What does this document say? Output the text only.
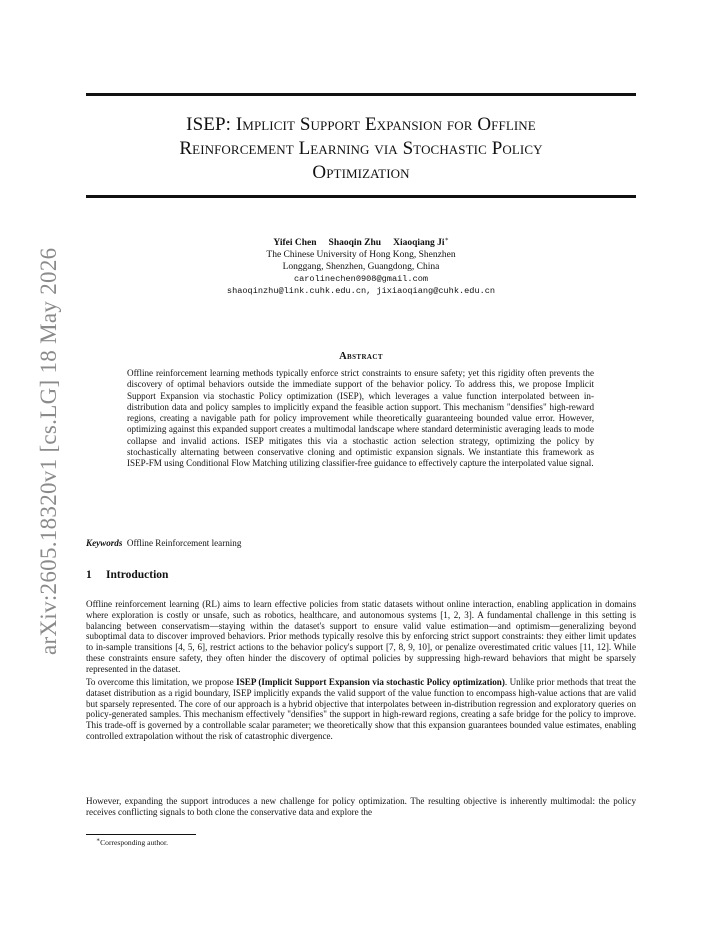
arXiv:2605.18320v1 [cs.LG] 18 May 2026
ISEP: Implicit Support Expansion for Offline
Reinforcement Learning via Stochastic Policy
Optimization
Yifei Chen Shaoqin Zhu Xiaoqiang Ji∗
The Chinese University of Hong Kong, Shenzhen
Longgang, Shenzhen, Guangdong, China
carolinechen0908@gmail.com
shaoqinzhu@link.cuhk.edu.cn, jixiaoqiang@cuhk.edu.cn
Abstract
Offline reinforcement learning methods typically enforce strict constraints to ensure safety; yet this rigidity often prevents the discovery of optimal behaviors outside the immediate support of the behavior policy. To address this, we propose Implicit Support Expansion via stochastic Policy optimization (ISEP), which leverages a value function interpolated between in-distribution data and policy samples to implicitly expand the feasible action support. This mechanism "densifies" high-reward regions, creating a navigable path for policy improvement while theoretically guaranteeing bounded value error. However, optimizing against this expanded support creates a multimodal landscape where standard deterministic averaging leads to mode collapse and invalid actions. ISEP mitigates this via a stochastic action selection strategy, optimizing the policy by stochastically alternating between conservative cloning and optimistic expansion signals. We instantiate this framework as ISEP-FM using Conditional Flow Matching utilizing classifier-free guidance to effectively capture the interpolated value signal.
Keywords Offline Reinforcement learning
1 Introduction
Offline reinforcement learning (RL) aims to learn effective policies from static datasets without online interaction, enabling application in domains where exploration is costly or unsafe, such as robotics, healthcare, and autonomous systems [1, 2, 3]. A fundamental challenge in this setting is balancing between conservatism—staying within the dataset's support to ensure valid value estimation—and optimism—generalizing beyond suboptimal data to discover improved behaviors. Prior methods typically resolve this by enforcing strict support constraints: they either limit updates to in-sample transitions [4, 5, 6], restrict actions to the behavior policy's support [7, 8, 9, 10], or penalize overestimated critic values [11, 12]. While these constraints ensure safety, they often hinder the discovery of optimal policies by suppressing high-reward behaviors that might be sparsely represented in the dataset.
To overcome this limitation, we propose ISEP (Implicit Support Expansion via stochastic Policy optimization). Unlike prior methods that treat the dataset distribution as a rigid boundary, ISEP implicitly expands the valid support of the value function to encompass high-value actions that are valid but sparsely represented. The core of our approach is a hybrid objective that interpolates between in-distribution regression and exploratory queries on policy-generated samples. This mechanism effectively "densifies" the support in high-reward regions, creating a safe bridge for the policy to improve. This trade-off is governed by a controllable scalar parameter; we theoretically show that this expansion guarantees bounded value estimates, enabling controlled extrapolation without the risk of catastrophic divergence.
However, expanding the support introduces a new challenge for policy optimization. The resulting objective is inherently multimodal: the policy receives conflicting signals to both clone the conservative data and explore the
∗Corresponding author.
